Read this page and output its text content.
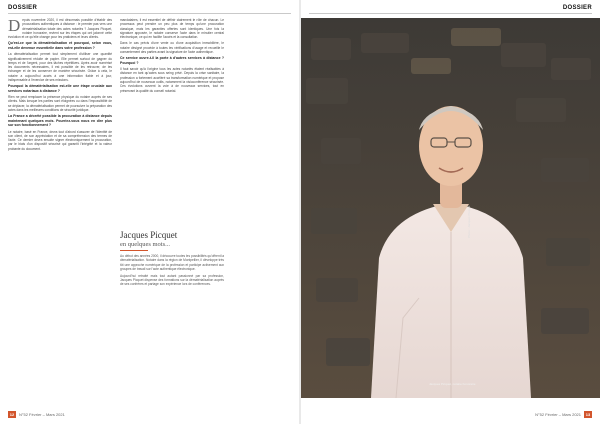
DOSSIER

D epuis novembre 2020, il est désormais possible d'établir des procurations authentiques à distance : le premier pas vers une dématérialisation totale des actes notariés ? Jacques Picquet, notaire honoraire, revient sur les étapes qui ont jalonné cette évolution et ce qu'elle change pour les praticiens et leurs clients.

Qu'est-ce que la dématérialisation et pourquoi, selon vous, est-elle devenue essentielle dans votre profession ?

La dématérialisation permet tout simplement d'utiliser une quantité significativement réduite de papier. Elle permet surtout de gagner du temps et de l'argent, pour des tâches répétitives. Après avoir numérisé les documents nécessaires, il est possible de les retrouver, de les échanger et de les conserver de manière sécurisée. Grâce à cela, le notaire a aujourd'hui accès à une information fiable et à jour, indispensable à l'exercice de ses missions.

Pourquoi la dématérialisation est-elle une étape cruciale aux services notariaux à distance ?

Rien ne peut remplacer la présence physique du notaire auprès de ses clients. Mais lorsque les parties sont éloignées ou dans l'impossibilité de se déplacer, la dématérialisation permet de poursuivre la préparation des actes dans les meilleures conditions de sécurité juridique.

La France a décrété possible la procuration à distance depuis maintenant quelques mois. Pourriez-vous nous en dire plus sur son fonctionnement ?

Le notaire, basé en France, devra tout d'abord s'assurer de l'identité de son client, de son appréciation et de sa compréhension des termes de l'acte. Ce dernier devra ensuite signer électroniquement la procuration, par le biais d'un dispositif sécurisé qui garantit l'intégrité et la valeur probante du document.

mandataires, il est essentiel de définir clairement le rôle de chacun. Le processus peut prendre un peu plus de temps qu'une procuration classique, mais les garanties offertes sont identiques. Une fois la signature apposée, le notaire conserve l'acte dans le minutier central électronique, ce qui en facilite l'accès et la consultation.

Dans le cas précis d'une vente ou d'une acquisition immobilière, le notaire désigné procède à toutes les vérifications d'usage et recueille le consentement des parties avant la signature de l'acte authentique.

Ce service ouvre-t-il la porte à d'autres services à distance ? Pourquoi ?

Il faut savoir qu'à l'origine tous les actes notariés étaient réalisables à distance en tant qu'actes sous seing privé. Depuis la crise sanitaire, la profession a fortement accéléré sa transformation numérique et propose aujourd'hui de nouveaux outils, notamment la visioconférence sécurisée. Ces évolutions ouvrent la voie à de nouveaux services, tout en préservant la qualité du conseil notarial.

Jacques Picquet
en quelques mots...

Au début des années 2000, il découvre toutes les possibilités qu'offrent la dématérialisation. Notaire dans la région de Montpellier, il développe très tôt une approche numérique de la profession et participe activement aux groupes de travail sur l'acte authentique électronique.

Aujourd'hui retraité mais tout autant passionné par sa profession, Jacques Picquet dispense des formations sur la dématérialisation auprès de ses confrères et partage son expérience lors de conférences.

12	N°52 Février – Mars 2021
DOSSIER

Photo : Jacques Picquet
Jacques Picquet, notaire honoraire
N°52 Février – Mars 2021	13
